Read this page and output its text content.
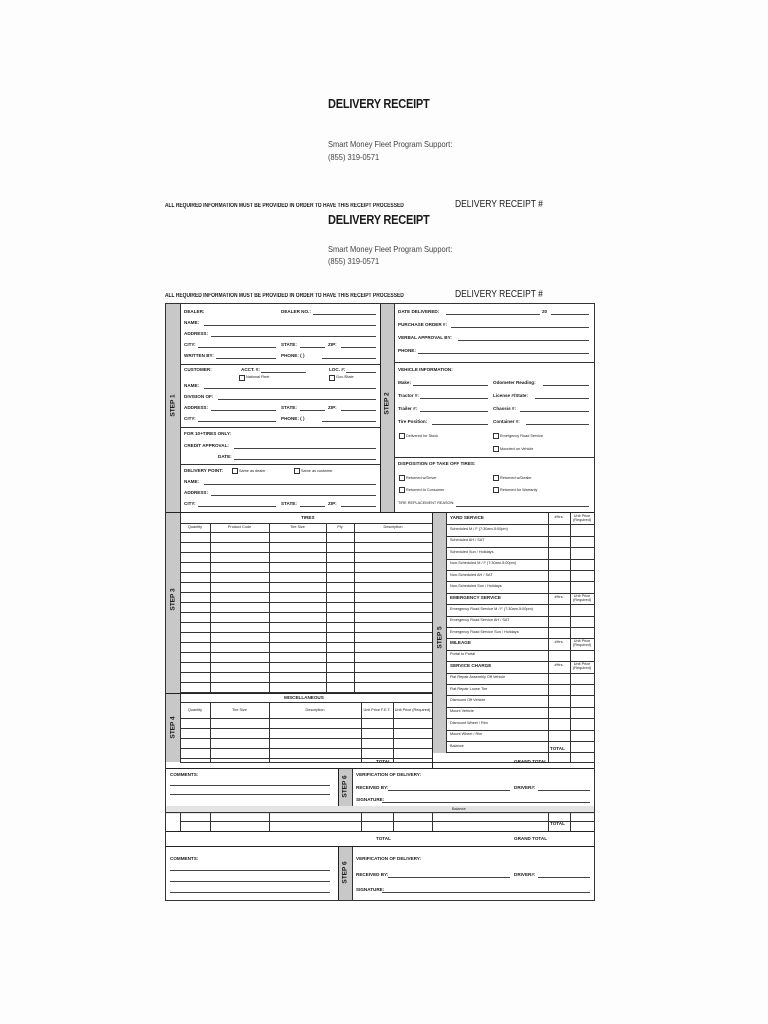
DELIVERY RECEIPT
Smart Money Fleet Program Support:
(855) 319-0571
ALL REQUIRED INFORMATION MUST BE PROVIDED IN ORDER TO HAVE THIS RECEIPT PROCESSED	DELIVERY RECEIPT #
DELIVERY RECEIPT
Smart Money Fleet Program Support:
(855) 319-0571
ALL REQUIRED INFORMATION MUST BE PROVIDED IN ORDER TO HAVE THIS RECEIPT PROCESSED	DELIVERY RECEIPT #
STEP 1
DEALER:	DEALER NO.:
NAME:
ADDRESS:
CITY:	STATE:	ZIP:
WRITTEN BY:	PHONE: ( )
CUSTOMER:	ACCT. #:	LOC. #:
National Fleet	Gov./State
NAME:
DIVISION OF:
ADDRESS:	STATE:	ZIP:
CITY:	PHONE: ( )
FOR 10+TIRES ONLY:
CREDIT APPROVAL:
DATE:
DELIVERY POINT:	Same as dealer	Same as customer
NAME:
ADDRESS:
CITY:	STATE:	ZIP:
STEP 2
DATE DELIVERED:	20
PURCHASE ORDER #:
VERBAL APPROVAL BY:
PHONE:
VEHICLE INFORMATION:
Make:	Odometer Reading:
Tractor #:	License #/State:
Trailer #:	Chassis #:
Tire Position:	Container #:
Delivered for Stock	Emergency Road Service
Mounted on Vehicle
DISPOSITION OF TAKE OFF TIRES:
Returned w/Driver	Returned w/Dealer
Returned to Consumer	Returned for Warranty
TIRE REPLACEMENT REASON:
STEP 3
TIRES
STEP 4
MISCELLANEOUS
TOTAL	GRAND TOTAL
STEP 5
TOTAL
COMMENTS:
STEP 6
VERIFICATION OF DELIVERY:
RECEIVED BY:	DRIVER#:
SIGNATURE:
Balance
TOTAL
TOTAL	GRAND TOTAL
COMMENTS:
STEP 6
VERIFICATION OF DELIVERY:
RECEIVED BY:	DRIVER#:
SIGNATURE:
Quantity	Product Code	Tire Size	Ply	Description
Quantity	Tire Size	Description	Unit Price F.E.T.	Unit Price (Required)
YARD SERVICE	#Hrs.	Unit Price (Required)
Scheduled M / F (7:30am-5:00pm)
Scheduled AH / SAT
Scheduled Sun / Holidays
Non-Scheduled M / F (7:30am-5:00pm)
Non-Scheduled AH / SAT
Non-Scheduled Sun / Holidays
EMERGENCY SERVICE	#Hrs.	Unit Price (Required)
Emergency Road Service M / F (7:30am-5:00pm)
Emergency Road Service AH / SAT
Emergency Road Service Sun / Holidays
MILEAGE	#Hrs.	Unit Price (Required)
Portal to Portal
SERVICE CHARGE	#Hrs.	Unit Price (Required)
Flat Repair Assembly Off Vehicle
Flat Repair Loose Tire
Dismount Off Vehicle
Mount Vehicle
Dismount Wheel / Rim
Mount Wheel / Rim
Balance
